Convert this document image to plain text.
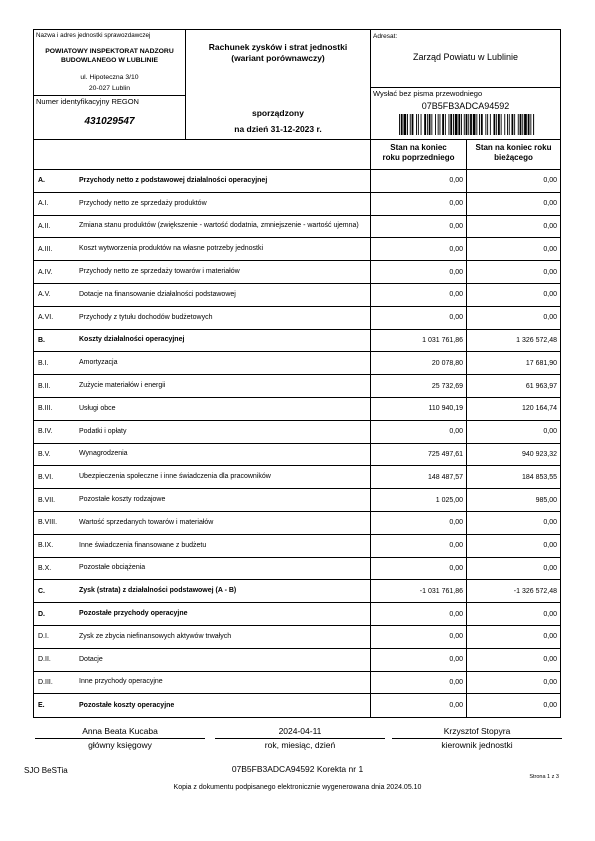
Nazwa i adres jednostki sprawozdawczej
POWIATOWY INSPEKTORAT NADZORU
BUDOWLANEGO W LUBLINIE
ul. Hipoteczna 3/10
20-027 Lublin
Numer identyfikacyjny REGON
431029547
Rachunek zysków i strat jednostki
(wariant porównawczy)
sporządzony
na dzień 31-12-2023 r.
Adresat:
Zarząd Powiatu w Lublinie
Wysłać bez pisma przewodniego
07B5FB3ADCA94592
Stan na koniec
roku poprzedniego
Stan na koniec roku
bieżącego
A.	Przychody netto z podstawowej działalności operacyjnej	0,00	0,00
A.I.	Przychody netto ze sprzedaży produktów	0,00	0,00
A.II.	Zmiana stanu produktów (zwiększenie - wartość dodatnia, zmniejszenie - wartość ujemna)	0,00	0,00
A.III.	Koszt wytworzenia produktów na własne potrzeby jednostki	0,00	0,00
A.IV.	Przychody netto ze sprzedaży towarów i materiałów	0,00	0,00
A.V.	Dotacje na finansowanie działalności podstawowej	0,00	0,00
A.VI.	Przychody z tytułu dochodów budżetowych	0,00	0,00
B.	Koszty działalności operacyjnej	1 031 761,86	1 326 572,48
B.I.	Amortyzacja	20 078,80	17 681,90
B.II.	Zużycie materiałów i energii	25 732,69	61 963,97
B.III.	Usługi obce	110 940,19	120 164,74
B.IV.	Podatki i opłaty	0,00	0,00
B.V.	Wynagrodzenia	725 497,61	940 923,32
B.VI.	Ubezpieczenia społeczne i inne świadczenia dla pracowników	148 487,57	184 853,55
B.VII.	Pozostałe koszty rodzajowe	1 025,00	985,00
B.VIII.	Wartość sprzedanych towarów i materiałów	0,00	0,00
B.IX.	Inne świadczenia finansowane z budżetu	0,00	0,00
B.X.	Pozostałe obciążenia	0,00	0,00
C.	Zysk (strata) z działalności podstawowej (A - B)	-1 031 761,86	-1 326 572,48
D.	Pozostałe przychody operacyjne	0,00	0,00
D.I.	Zysk ze zbycia niefinansowych aktywów trwałych	0,00	0,00
D.II.	Dotacje	0,00	0,00
D.III.	Inne przychody operacyjne	0,00	0,00
E.	Pozostałe koszty operacyjne	0,00	0,00
Anna Beata Kucaba
główny księgowy
2024-04-11
rok, miesiąc, dzień
Krzysztof Stopyra
kierownik jednostki
SJO BeSTia	07B5FB3ADCA94592 Korekta nr 1
Strona 1 z 3
Kopia z dokumentu podpisanego elektronicznie wygenerowana dnia 2024.05.10
